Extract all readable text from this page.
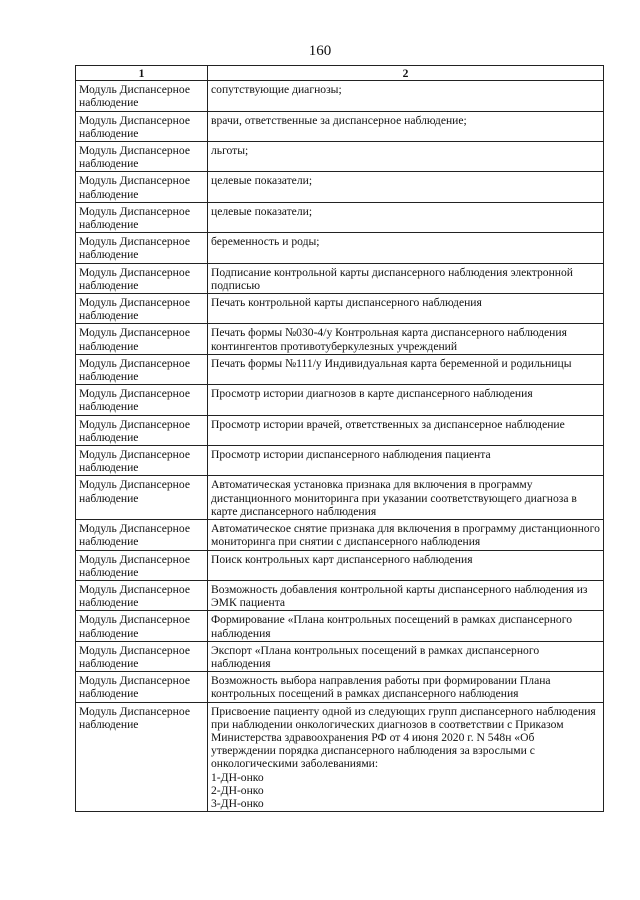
160
1	2
Модуль Диспансерное наблюдение	сопутствующие диагнозы;

Модуль Диспансерное наблюдение	врачи, ответственные за диспансерное наблюдение;

Модуль Диспансерное наблюдение	льготы;

Модуль Диспансерное наблюдение	целевые показатели;

Модуль Диспансерное наблюдение	целевые показатели;

Модуль Диспансерное наблюдение	беременность и роды;

Модуль Диспансерное наблюдение	Подписание контрольной карты диспансерного наблюдения электронной подписью

Модуль Диспансерное наблюдение	Печать контрольной карты диспансерного наблюдения

Модуль Диспансерное наблюдение	Печать формы №030-4/у Контрольная карта диспансерного наблюдения контингентов противотуберкулезных учреждений

Модуль Диспансерное наблюдение	Печать формы №111/у Индивидуальная карта беременной и родильницы

Модуль Диспансерное наблюдение	Просмотр истории диагнозов в карте диспансерного наблюдения

Модуль Диспансерное наблюдение	Просмотр истории врачей, ответственных за диспансерное наблюдение

Модуль Диспансерное наблюдение	Просмотр истории диспансерного наблюдения пациента

Модуль Диспансерное наблюдение	Автоматическая установка признака для включения в программу дистанционного мониторинга при указании соответствующего диагноза в карте диспансерного наблюдения

Модуль Диспансерное наблюдение	Автоматическое снятие признака для включения в программу дистанционного мониторинга при снятии с диспансерного наблюдения

Модуль Диспансерное наблюдение	Поиск контрольных карт диспансерного наблюдения

Модуль Диспансерное наблюдение	Возможность добавления контрольной карты диспансерного наблюдения из ЭМК пациента

Модуль Диспансерное наблюдение	Формирование «Плана контрольных посещений в рамках диспансерного наблюдения

Модуль Диспансерное наблюдение	Экспорт «Плана контрольных посещений в рамках диспансерного наблюдения

Модуль Диспансерное наблюдение	Возможность выбора направления работы при формировании Плана контрольных посещений в рамках диспансерного наблюдения

Модуль Диспансерное наблюдение	Присвоение пациенту одной из следующих групп диспансерного наблюдения при наблюдении онкологических диагнозов в соответствии с Приказом Министерства здравоохранения РФ от 4 июня 2020 г. N 548н «Об утверждении порядка диспансерного наблюдения за взрослыми с онкологическими заболеваниями:
1-ДН-онко
2-ДН-онко
3-ДН-онко
